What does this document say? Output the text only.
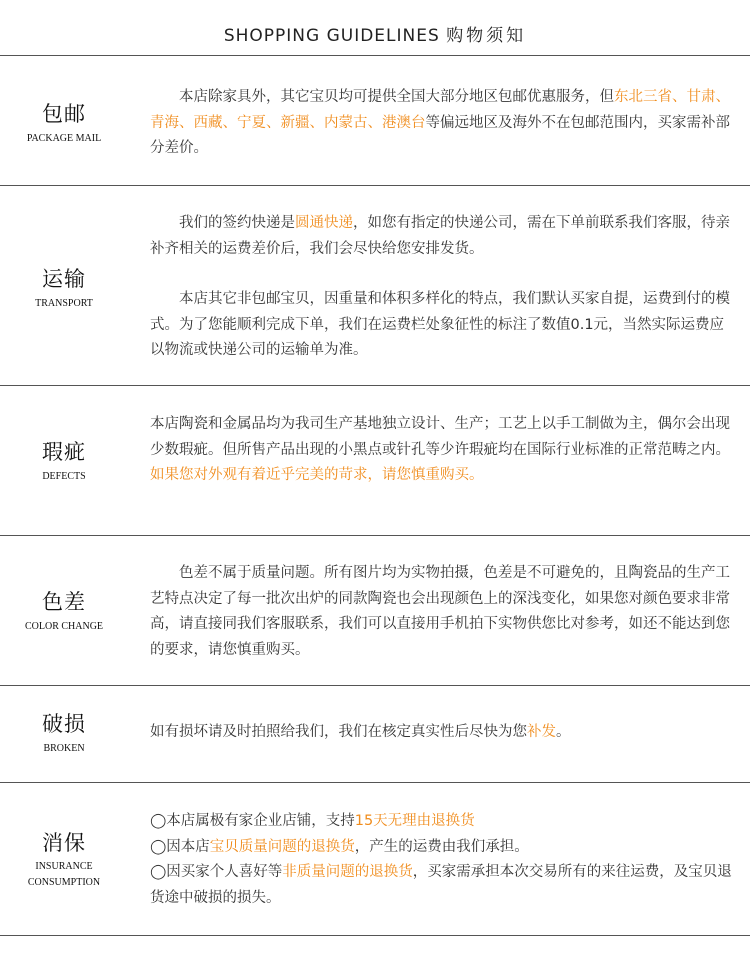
SHOPPING GUIDELINES 购物须知
包邮
PACKAGE MAIL

本店除家具外，其它宝贝均可提供全国大部分地区包邮优惠服务，但东北三省、甘肃、青海、西藏、宁夏、新疆、内蒙古、港澳台等偏远地区及海外不在包邮范围内，买家需补部分差价。

运输
TRANSPORT

我们的签约快递是圆通快递，如您有指定的快递公司，需在下单前联系我们客服，待亲补齐相关的运费差价后，我们会尽快给您安排发货。

本店其它非包邮宝贝，因重量和体积多样化的特点，我们默认买家自提，运费到付的模式。为了您能顺利完成下单，我们在运费栏处象征性的标注了数值0.1元，当然实际运费应以物流或快递公司的运输单为准。

瑕疵
DEFECTS

本店陶瓷和金属品均为我司生产基地独立设计、生产；工艺上以手工制做为主，偶尔会出现少数瑕疵。但所售产品出现的小黑点或针孔等少许瑕疵均在国际行业标准的正常范畴之内。如果您对外观有着近乎完美的苛求，请您慎重购买。

色差
COLOR CHANGE

色差不属于质量问题。所有图片均为实物拍摄，色差是不可避免的，且陶瓷品的生产工艺特点决定了每一批次出炉的同款陶瓷也会出现颜色上的深浅变化，如果您对颜色要求非常高，请直接同我们客服联系，我们可以直接用手机拍下实物供您比对参考，如还不能达到您的要求，请您慎重购买。

破损
BROKEN

如有损坏请及时拍照给我们，我们在核定真实性后尽快为您补发。

消保
INSURANCE
CONSUMPTION

◯本店属极有家企业店铺，支持15天无理由退换货

◯因本店宝贝质量问题的退换货，产生的运费由我们承担。

◯因买家个人喜好等非质量问题的退换货，买家需承担本次交易所有的来往运费，及宝贝退货途中破损的损失。
